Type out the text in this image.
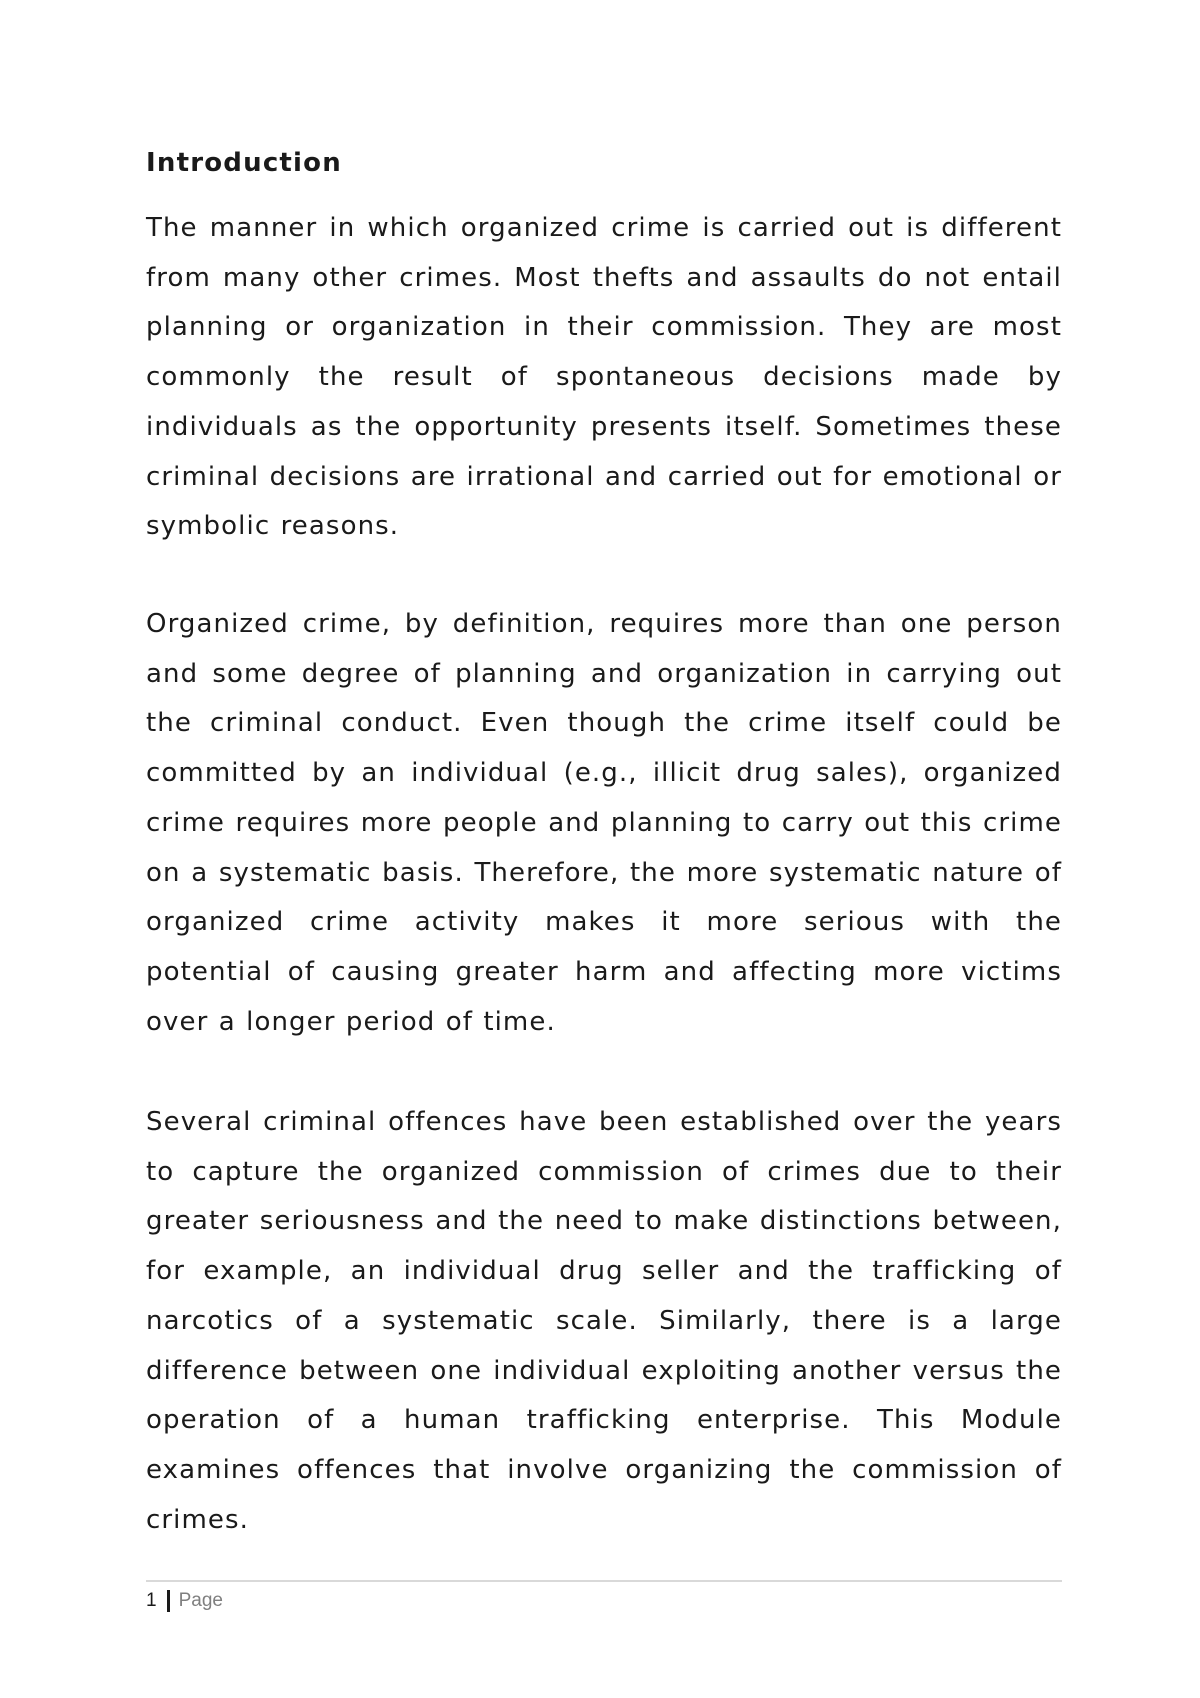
Introduction

The manner in which organized crime is carried out is different from many other crimes. Most thefts and assaults do not entail planning or organization in their commission. They are most commonly the result of spontaneous decisions made by individuals as the opportunity presents itself. Sometimes these criminal decisions are irrational and carried out for emotional or symbolic reasons.

Organized crime, by definition, requires more than one person and some degree of planning and organization in carrying out the criminal conduct. Even though the crime itself could be committed by an individual (e.g., illicit drug sales), organized crime requires more people and planning to carry out this crime on a systematic basis. Therefore, the more systematic nature of organized crime activity makes it more serious with the potential of causing greater harm and affecting more victims over a longer period of time.

Several criminal offences have been established over the years to capture the organized commission of crimes due to their greater seriousness and the need to make distinctions between, for example, an individual drug seller and the trafficking of narcotics of a systematic scale. Similarly, there is a large difference between one individual exploiting another versus the operation of a human trafficking enterprise. This Module examines offences that involve organizing the commission of crimes.

1 Page
